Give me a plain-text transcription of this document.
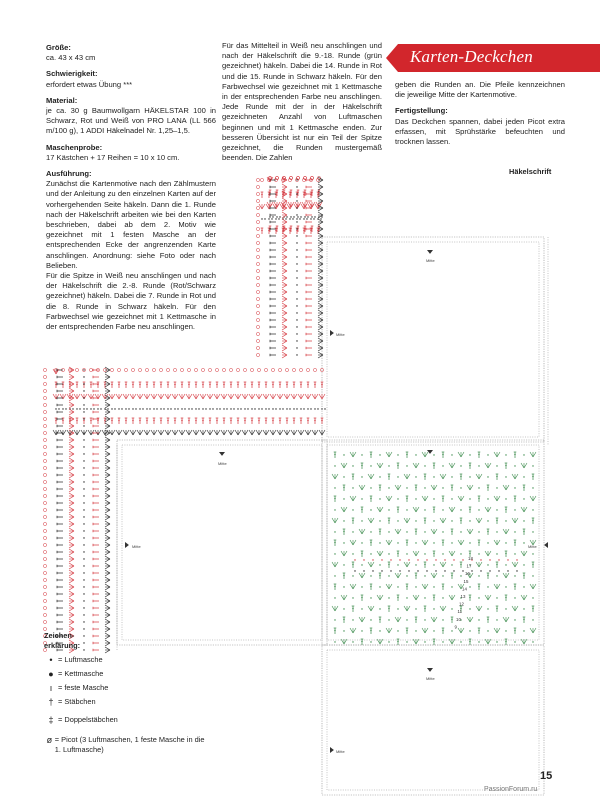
Karten-Deckchen
Größe:

ca. 43 x 43 cm

Schwierigkeit:

erfordert etwas Übung ***

Material:

je ca. 30 g Baumwollgarn HÄKELSTAR 100 in Schwarz, Rot und Weiß von PRO LANA (LL 566 m/100 g), 1 ADDI Häkelnadel Nr. 1,25–1,5.

Maschenprobe:

17 Kästchen + 17 Reihen = 10 x 10 cm.

Ausführung:

Zunächst die Kartenmotive nach den Zählmustern und der Anleitung zu den einzelnen Karten auf der vorhergehenden Seite häkeln. Dann die 1. Runde nach der Häkelschrift arbeiten wie bei den Karten beschrieben, dabei ab dem 2. Motiv wie gezeichnet mit 1 festen Masche an der entsprechenden Ecke der angrenzenden Karte anschlingen. Anordnung: siehe Foto oder nach Belieben.

Für die Spitze in Weiß neu anschlingen und nach der Häkelschrift die 2.-8. Runde (Rot/Schwarz gezeichnet) häkeln. Dabei die 7. Runde in Rot und die 8. Runde in Schwarz häkeln. Für den Farbwechsel wie gezeichnet mit 1 Kettmasche in der entsprechenden Farbe neu anschlingen.

Für das Mittelteil in Weiß neu anschlingen und nach der Häkelschrift die 9.-18. Runde (grün gezeichnet) häkeln. Dabei die 14. Runde in Rot und die 15. Runde in Schwarz häkeln. Für den Farbwechsel wie gezeichnet mit 1 Kettmasche in der entsprechenden Farbe neu anschlingen. Jede Runde mit der in der Häkelschrift gezeichneten Anzahl von Luftmaschen beginnen und mit 1 Kettmasche enden. Zur besseren Übersicht ist nur ein Teil der Spitze gezeichnet, die Runden mustergemäß beenden. Die Zahlen

geben die Runden an. Die Pfeile kennzeichnen die jeweilige Mitte der Kartenmotive.

Fertigstellung:

Das Deckchen spannen, dabei jeden Picot extra erfassen, mit Sprühstärke befeuchten und trocknen lassen.

Häkelschrift
Mitte
Mitte
Mitte
Mitte	Mitte
Mitte
Mitte
18
17
16
15
14
13
12
11
10
9
Zeichen-
erklärung:
• = Luftmasche
● = Kettmasche
ı = feste Masche
† = Stäbchen
‡ = Doppelstäbchen
ø = Picot (3 Luftmaschen, 1 feste Masche in die 1. Luftmasche)
15
PassionForum.ru
